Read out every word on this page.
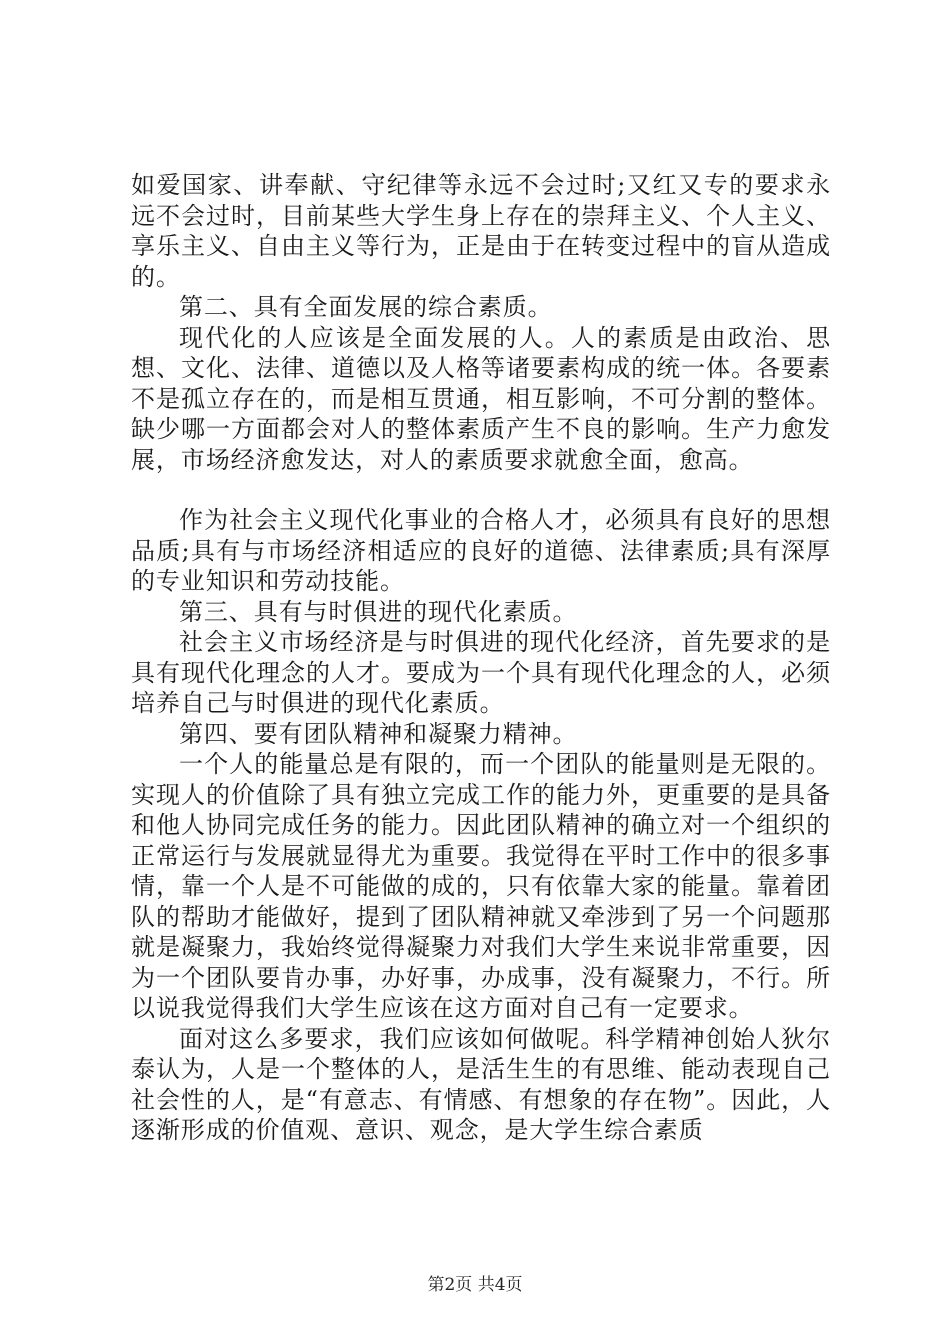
如爱国家、讲奉献、守纪律等永远不会过时;又红又专的要求永远不会过时，目前某些大学生身上存在的崇拜主义、个人主义、享乐主义、自由主义等行为，正是由于在转变过程中的盲从造成的。

第二、具有全面发展的综合素质。

现代化的人应该是全面发展的人。人的素质是由政治、思想、文化、法律、道德以及人格等诸要素构成的统一体。各要素不是孤立存在的，而是相互贯通，相互影响，不可分割的整体。缺少哪一方面都会对人的整体素质产生不良的影响。生产力愈发展，市场经济愈发达，对人的素质要求就愈全面，愈高。

作为社会主义现代化事业的合格人才，必须具有良好的思想品质;具有与市场经济相适应的良好的道德、法律素质;具有深厚的专业知识和劳动技能。

第三、具有与时俱进的现代化素质。

社会主义市场经济是与时俱进的现代化经济，首先要求的是具有现代化理念的人才。要成为一个具有现代化理念的人，必须培养自己与时俱进的现代化素质。

第四、要有团队精神和凝聚力精神。

一个人的能量总是有限的，而一个团队的能量则是无限的。实现人的价值除了具有独立完成工作的能力外，更重要的是具备和他人协同完成任务的能力。因此团队精神的确立对一个组织的正常运行与发展就显得尤为重要。我觉得在平时工作中的很多事情，靠一个人是不可能做的成的，只有依靠大家的能量。靠着团队的帮助才能做好，提到了团队精神就又牵涉到了另一个问题那就是凝聚力，我始终觉得凝聚力对我们大学生来说非常重要，因为一个团队要肯办事，办好事，办成事，没有凝聚力，不行。所以说我觉得我们大学生应该在这方面对自己有一定要求。

面对这么多要求，我们应该如何做呢。科学精神创始人狄尔泰认为，人是一个整体的人，是活生生的有思维、能动表现自己社会性的人，是“有意志、有情感、有想象的存在物”。因此，人逐渐形成的价值观、意识、观念，是大学生综合素质

第2页 共4页
